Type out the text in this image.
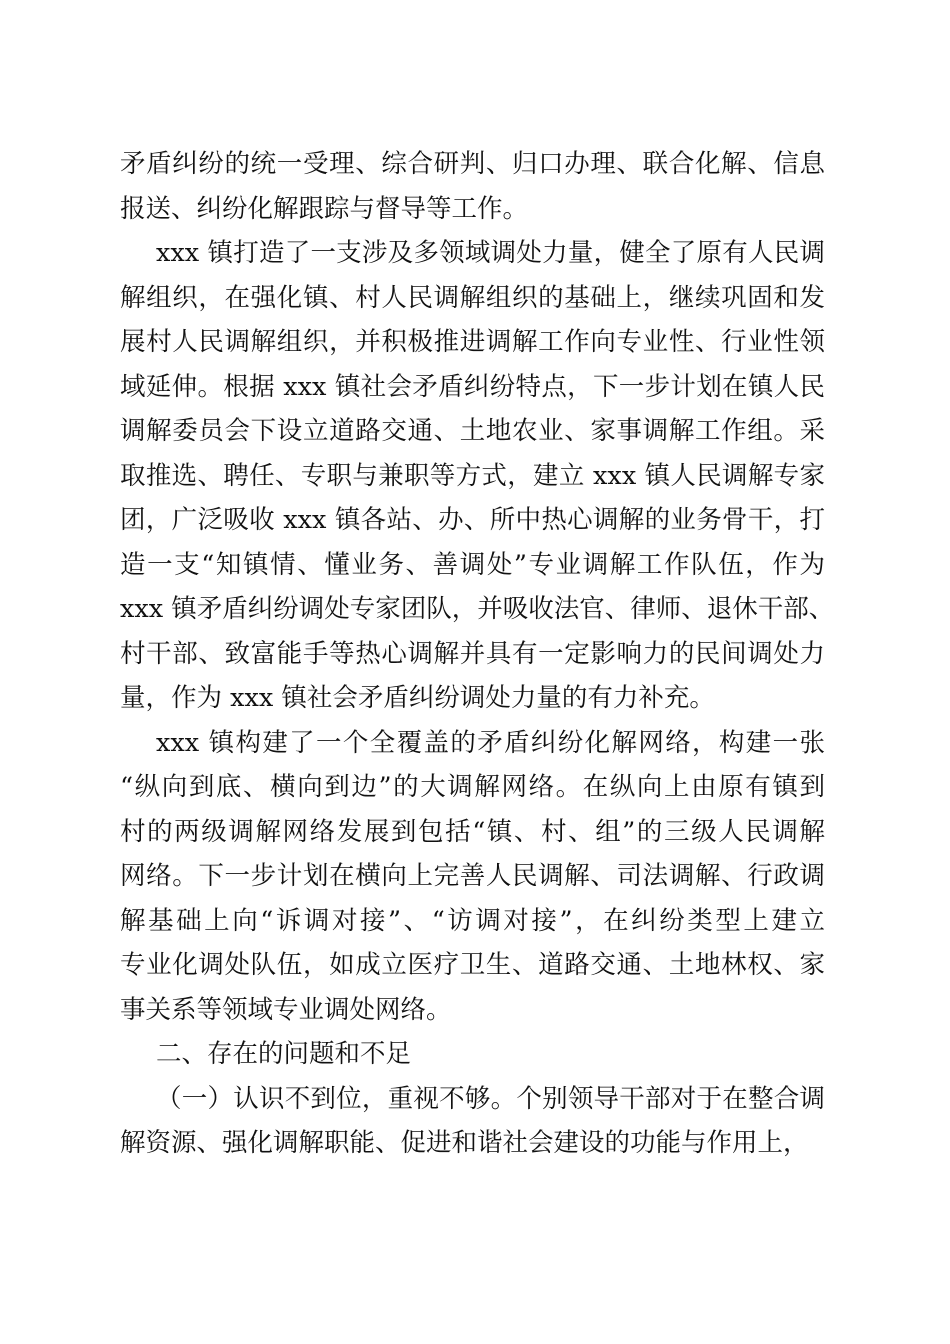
矛盾纠纷的统一受理、综合研判、归口办理、联合化解、信息
报送、纠纷化解跟踪与督导等工作。
xxx 镇打造了一支涉及多领域调处力量，健全了原有人民调
解组织，在强化镇、村人民调解组织的基础上，继续巩固和发
展村人民调解组织，并积极推进调解工作向专业性、行业性领
域延伸。根据 xxx 镇社会矛盾纠纷特点，下一步计划在镇人民
调解委员会下设立道路交通、土地农业、家事调解工作组。采
取推选、聘任、专职与兼职等方式，建立 xxx 镇人民调解专家
团，广泛吸收 xxx 镇各站、办、所中热心调解的业务骨干，打
造一支“知镇情、懂业务、善调处”专业调解工作队伍，作为
xxx 镇矛盾纠纷调处专家团队，并吸收法官、律师、退休干部、
村干部、致富能手等热心调解并具有一定影响力的民间调处力
量，作为 xxx 镇社会矛盾纠纷调处力量的有力补充。
xxx 镇构建了一个全覆盖的矛盾纠纷化解网络，构建一张
“纵向到底、横向到边”的大调解网络。在纵向上由原有镇到
村的两级调解网络发展到包括“镇、村、组”的三级人民调解
网络。下一步计划在横向上完善人民调解、司法调解、行政调
解基础上向“诉调对接”、“访调对接”，在纠纷类型上建立
专业化调处队伍，如成立医疗卫生、道路交通、土地林权、家
事关系等领域专业调处网络。
二、存在的问题和不足
（一）认识不到位，重视不够。个别领导干部对于在整合调
解资源、强化调解职能、促进和谐社会建设的功能与作用上，
